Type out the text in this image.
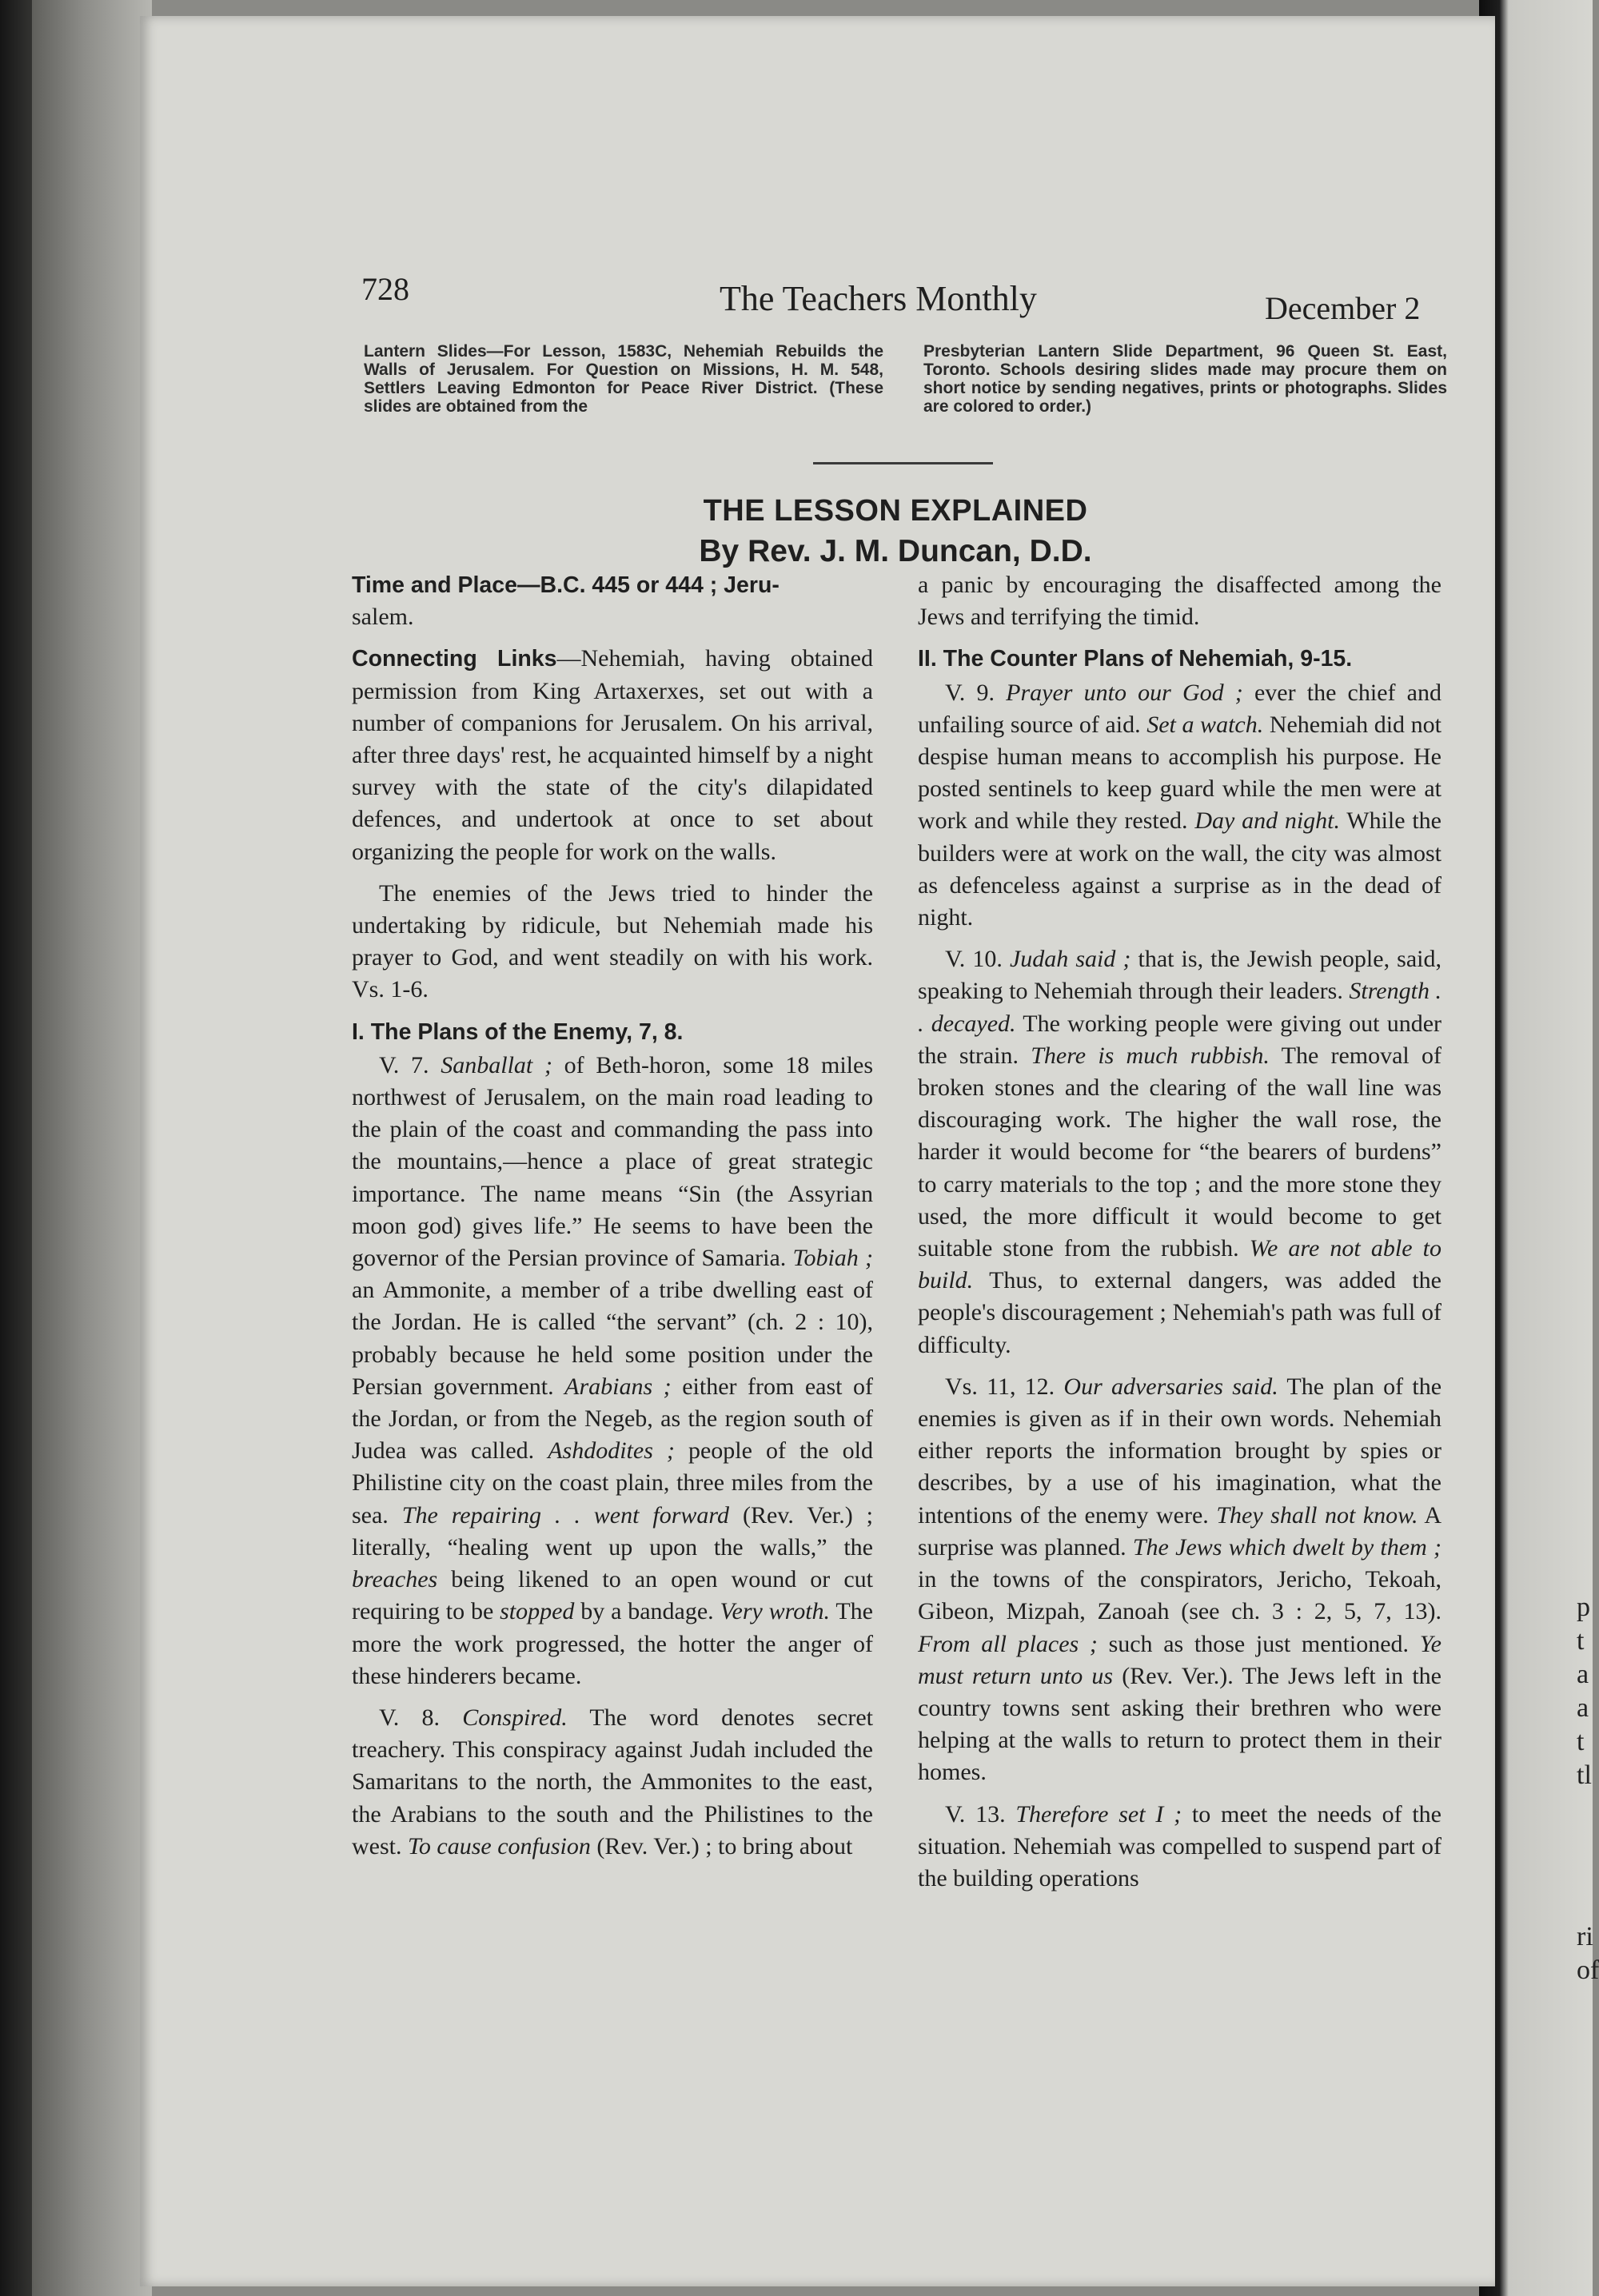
p
t
a
a
t
tl
ri
of
728	The Teachers Monthly	December 2
Lantern Slides—For Lesson, 1583C, Nehemiah Rebuilds the Walls of Jerusalem. For Question on Missions, H. M. 548, Settlers Leaving Edmonton for Peace River District. (These slides are obtained from the
Presbyterian Lantern Slide Department, 96 Queen St. East, Toronto. Schools desiring slides made may procure them on short notice by sending negatives, prints or photographs. Slides are colored to order.)
THE LESSON EXPLAINED
By Rev. J. M. Duncan, D.D.

Time and Place—B.C. 445 or 444 ; Jeru-
salem.

Connecting Links—Nehemiah, having obtained permission from King Artaxerxes, set out with a number of companions for Jerusalem. On his arrival, after three days' rest, he acquainted himself by a night survey with the state of the city's dilapidated defences, and undertook at once to set about organizing the people for work on the walls.

The enemies of the Jews tried to hinder the undertaking by ridicule, but Nehemiah made his prayer to God, and went steadily on with his work. Vs. 1-6.

I. The Plans of the Enemy, 7, 8.

V. 7. Sanballat ; of Beth-horon, some 18 miles northwest of Jerusalem, on the main road leading to the plain of the coast and commanding the pass into the mountains,—hence a place of great strategic importance. The name means “Sin (the Assyrian moon god) gives life.” He seems to have been the governor of the Persian province of Samaria. Tobiah ; an Ammonite, a member of a tribe dwelling east of the Jordan. He is called “the servant” (ch. 2 : 10), probably because he held some position under the Persian government. Arabians ; either from east of the Jordan, or from the Negeb, as the region south of Judea was called. Ashdodites ; people of the old Philistine city on the coast plain, three miles from the sea. The repairing . . went forward (Rev. Ver.) ; literally, “healing went up upon the walls,” the breaches being likened to an open wound or cut requiring to be stopped by a bandage. Very wroth. The more the work progressed, the hotter the anger of these hinderers became.

V. 8. Conspired. The word denotes secret treachery. This conspiracy against Judah included the Samaritans to the north, the Ammonites to the east, the Arabians to the south and the Philistines to the west. To cause confusion (Rev. Ver.) ; to bring about

a panic by encouraging the disaffected among the Jews and terrifying the timid.

II. The Counter Plans of Nehemiah, 9-15.

V. 9. Prayer unto our God ; ever the chief and unfailing source of aid. Set a watch. Nehemiah did not despise human means to accomplish his purpose. He posted sentinels to keep guard while the men were at work and while they rested. Day and night. While the builders were at work on the wall, the city was almost as defenceless against a surprise as in the dead of night.

V. 10. Judah said ; that is, the Jewish people, said, speaking to Nehemiah through their leaders. Strength . . decayed. The working people were giving out under the strain. There is much rubbish. The removal of broken stones and the clearing of the wall line was discouraging work. The higher the wall rose, the harder it would become for “the bearers of burdens” to carry materials to the top ; and the more stone they used, the more difficult it would become to get suitable stone from the rubbish. We are not able to build. Thus, to external dangers, was added the people's discouragement ; Nehemiah's path was full of difficulty.

Vs. 11, 12. Our adversaries said. The plan of the enemies is given as if in their own words. Nehemiah either reports the information brought by spies or describes, by a use of his imagination, what the intentions of the enemy were. They shall not know. A surprise was planned. The Jews which dwelt by them ; in the towns of the conspirators, Jericho, Tekoah, Gibeon, Mizpah, Zanoah (see ch. 3 : 2, 5, 7, 13). From all places ; such as those just mentioned. Ye must return unto us (Rev. Ver.). The Jews left in the country towns sent asking their brethren who were helping at the walls to return to protect them in their homes.

V. 13. Therefore set I ; to meet the needs of the situation. Nehemiah was compelled to suspend part of the building operations
